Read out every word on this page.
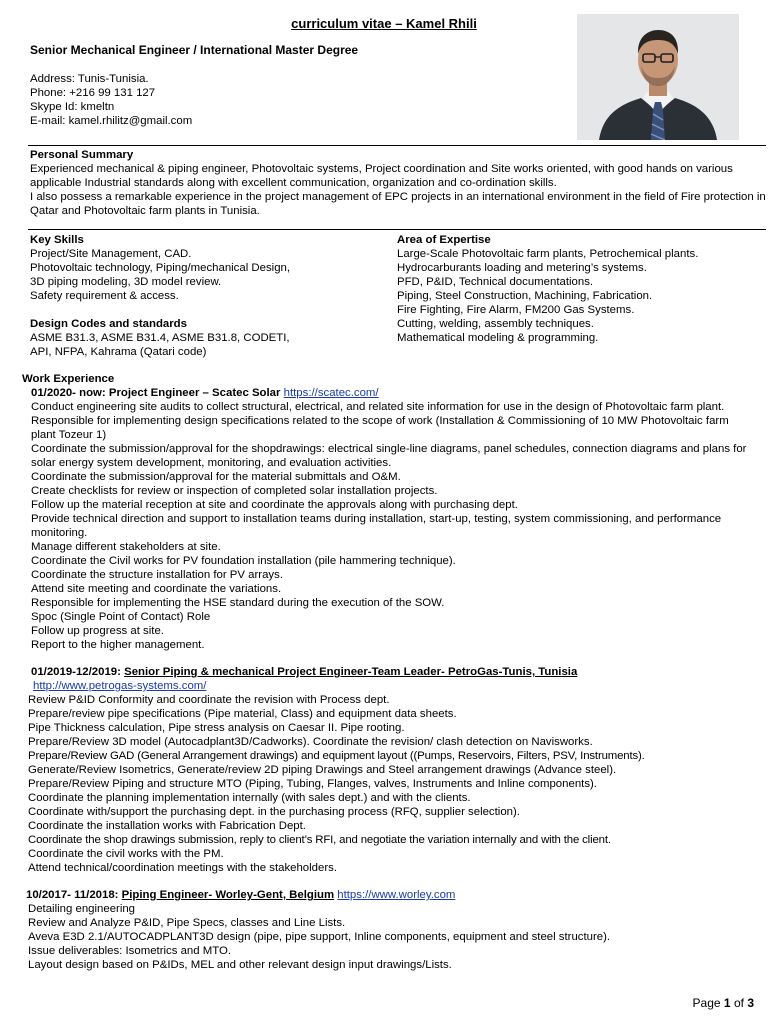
curriculum vitae – Kamel Rhili
Senior Mechanical Engineer / International Master Degree
Address: Tunis-Tunisia.
Phone: +216 99 131 127
Skype Id: kmeltn
E-mail: kamel.rhilitz@gmail.com
Personal Summary

Experienced mechanical & piping engineer, Photovoltaic systems, Project coordination and Site works oriented, with good hands on various applicable Industrial standards along with excellent communication, organization and co-ordination skills.

I also possess a remarkable experience in the project management of EPC projects in an international environment in the field of Fire protection in Qatar and Photovoltaic farm plants in Tunisia.

Key Skills
Project/Site Management, CAD.
Photovoltaic technology, Piping/mechanical Design,
3D piping modeling, 3D model review.
Safety requirement & access.
Design Codes and standards
ASME B31.3, ASME B31.4, ASME B31.8, CODETI,
API, NFPA, Kahrama (Qatari code)
Area of Expertise
Large-Scale Photovoltaic farm plants, Petrochemical plants.
Hydrocarburants loading and metering’s systems.
PFD, P&ID, Technical documentations.
Piping, Steel Construction, Machining, Fabrication.
Fire Fighting, Fire Alarm, FM200 Gas Systems.
Cutting, welding, assembly techniques.
Mathematical modeling & programming.
Work Experience
01/2020- now: Project Engineer – Scatec Solar https://scatec.com/
Conduct engineering site audits to collect structural, electrical, and related site information for use in the design of Photovoltaic farm plant.
Responsible for implementing design specifications related to the scope of work (Installation & Commissioning of 10 MW Photovoltaic farm plant Tozeur 1)
Coordinate the submission/approval for the shopdrawings: electrical single-line diagrams, panel schedules, connection diagrams and plans for solar energy system development, monitoring, and evaluation activities.
Coordinate the submission/approval for the material submittals and O&M.
Create checklists for review or inspection of completed solar installation projects.
Follow up the material reception at site and coordinate the approvals along with purchasing dept.
Provide technical direction and support to installation teams during installation, start-up, testing, system commissioning, and performance monitoring.
Manage different stakeholders at site.
Coordinate the Civil works for PV foundation installation (pile hammering technique).
Coordinate the structure installation for PV arrays.
Attend site meeting and coordinate the variations.
Responsible for implementing the HSE standard during the execution of the SOW.
Spoc (Single Point of Contact) Role
Follow up progress at site.
Report to the higher management.
01/2019-12/2019: Senior Piping & mechanical Project Engineer-Team Leader- PetroGas-Tunis, Tunisia
http://www.petrogas-systems.com/
Review P&ID Conformity and coordinate the revision with Process dept.
Prepare/review pipe specifications (Pipe material, Class) and equipment data sheets.
Pipe Thickness calculation, Pipe stress analysis on Caesar II. Pipe rooting.
Prepare/Review 3D model (Autocadplant3D/Cadworks). Coordinate the revision/ clash detection on Navisworks.
Prepare/Review GAD (General Arrangement drawings) and equipment layout ((Pumps, Reservoirs, Filters, PSV, Instruments).
Generate/Review Isometrics, Generate/review 2D piping Drawings and Steel arrangement drawings (Advance steel).
Prepare/Review Piping and structure MTO (Piping, Tubing, Flanges, valves, Instruments and Inline components).
Coordinate the planning implementation internally (with sales dept.) and with the clients.
Coordinate with/support the purchasing dept. in the purchasing process (RFQ, supplier selection).
Coordinate the installation works with Fabrication Dept.
Coordinate the shop drawings submission, reply to client’s RFI, and negotiate the variation internally and with the client.
Coordinate the civil works with the PM.
Attend technical/coordination meetings with the stakeholders.
10/2017- 11/2018: Piping Engineer- Worley-Gent, Belgium https://www.worley.com
Detailing engineering
Review and Analyze P&ID, Pipe Specs, classes and Line Lists.
Aveva E3D 2.1/AUTOCADPLANT3D design (pipe, pipe support, Inline components, equipment and steel structure).
Issue deliverables: Isometrics and MTO.
Layout design based on P&IDs, MEL and other relevant design input drawings/Lists.
Page 1 of 3
